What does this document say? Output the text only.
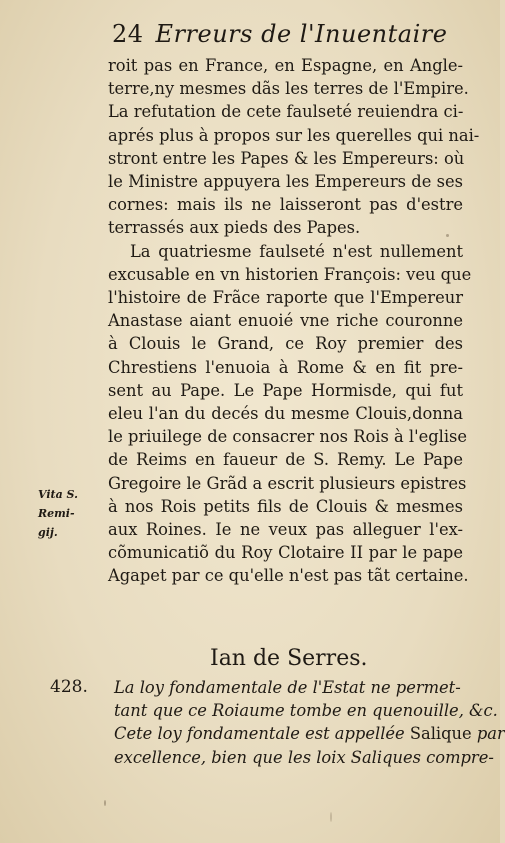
24 Erreurs de l'Inuentaire
roit pas en France, en Espagne, en Angle-
terre,ny mesmes dãs les terres de l'Empire.
La refutation de cete faulseté reuiendra ci-
aprés plus à propos sur les querelles qui nai-
stront entre les Papes & les Empereurs: où
le Ministre appuyera les Empereurs de ses
cornes: mais ils ne laisseront pas d'estre
terrassés aux pieds des Papes.
La quatriesme faulseté n'est nullement
excusable en vn historien François: veu que
l'histoire de Frãce raporte que l'Empereur
Anastase aiant enuoié vne riche couronne
à Clouis le Grand, ce Roy premier des
Chrestiens l'enuoia à Rome & en fit pre-
sent au Pape. Le Pape Hormisde, qui fut
eleu l'an du decés du mesme Clouis,donna
le priuilege de consacrer nos Rois à l'eglise
de Reims en faueur de S. Remy. Le Pape
Gregoire le Grãd a escrit plusieurs epistres
à nos Rois petits fils de Clouis & mesmes
aux Roines. Ie ne veux pas alleguer l'ex-
cõmunicatiõ du Roy Clotaire II par le pape
Agapet par ce qu'elle n'est pas tãt certaine.
Vita S.
Remi-
gij.
Ian de Serres.
428. La loy fondamentale de l'Estat ne permet-
tant que ce Roiaume tombe en quenouille, &c.
Cete loy fondamentale est appellée Salique par
excellence, bien que les loix Saliques compre-
